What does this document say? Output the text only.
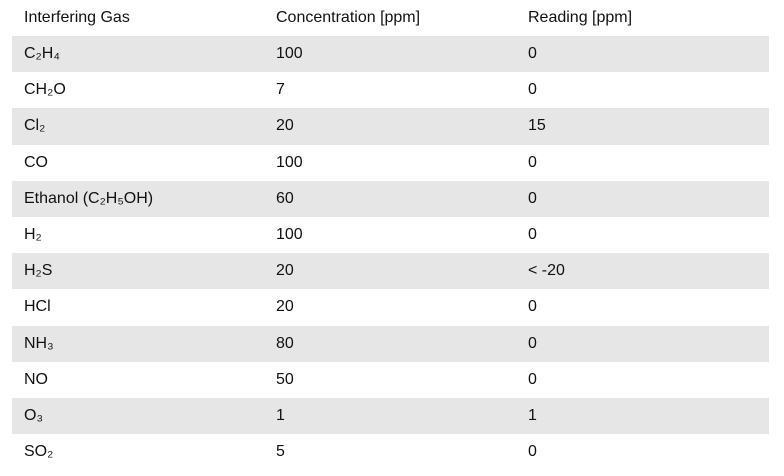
Interfering Gas	Concentration [ppm]	Reading [ppm]
C₂H₄	100	0
CH₂O	7	0
Cl₂	20	15
CO	100	0
Ethanol (C₂H₅OH)	60	0
H₂	100	0
H₂S	20	< -20
HCl	20	0
NH₃	80	0
NO	50	0
O₃	1	1
SO₂	5	0
